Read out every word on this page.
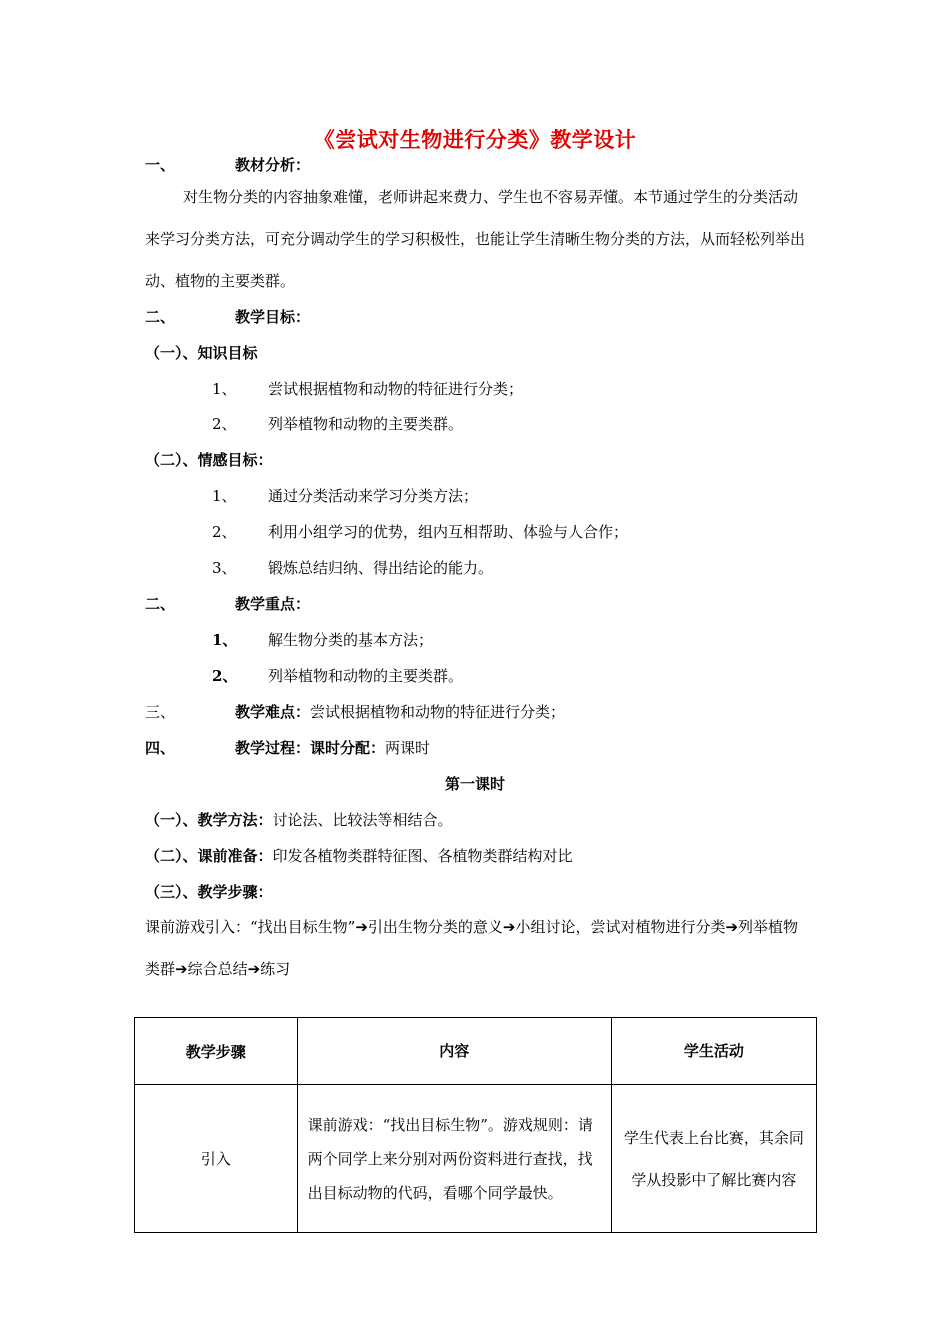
《尝试对生物进行分类》教学设计
一、	教材分析：
对生物分类的内容抽象难懂，老师讲起来费力、学生也不容易弄懂。本节通过学生的分类活动来学习分类方法，可充分调动学生的学习积极性，也能让学生清晰生物分类的方法，从而轻松列举出动、植物的主要类群。
二、	教学目标：
（一）、知识目标
1、 尝试根据植物和动物的特征进行分类；
2、 列举植物和动物的主要类群。
（二）、情感目标：
1、 通过分类活动来学习分类方法；
2、 利用小组学习的优势，组内互相帮助、体验与人合作；
3、 锻炼总结归纳、得出结论的能力。
二、	教学重点：
1、 解生物分类的基本方法；
2、 列举植物和动物的主要类群。
三、	教学难点：尝试根据植物和动物的特征进行分类；
四、	教学过程：课时分配：两课时
第一课时
（一）、教学方法：讨论法、比较法等相结合。
（二）、课前准备：印发各植物类群特征图、各植物类群结构对比
（三）、教学步骤：
课前游戏引入：“找出目标生物”➔引出生物分类的意义➔小组讨论，尝试对植物进行分类➔列举植物类群➔综合总结➔练习
教学步骤	内容	学生活动
引入	课前游戏：“找出目标生物”。游戏规则：请两个同学上来分别对两份资料进行查找，找出目标动物的代码，看哪个同学最快。	学生代表上台比赛，其余同学从投影中了解比赛内容
